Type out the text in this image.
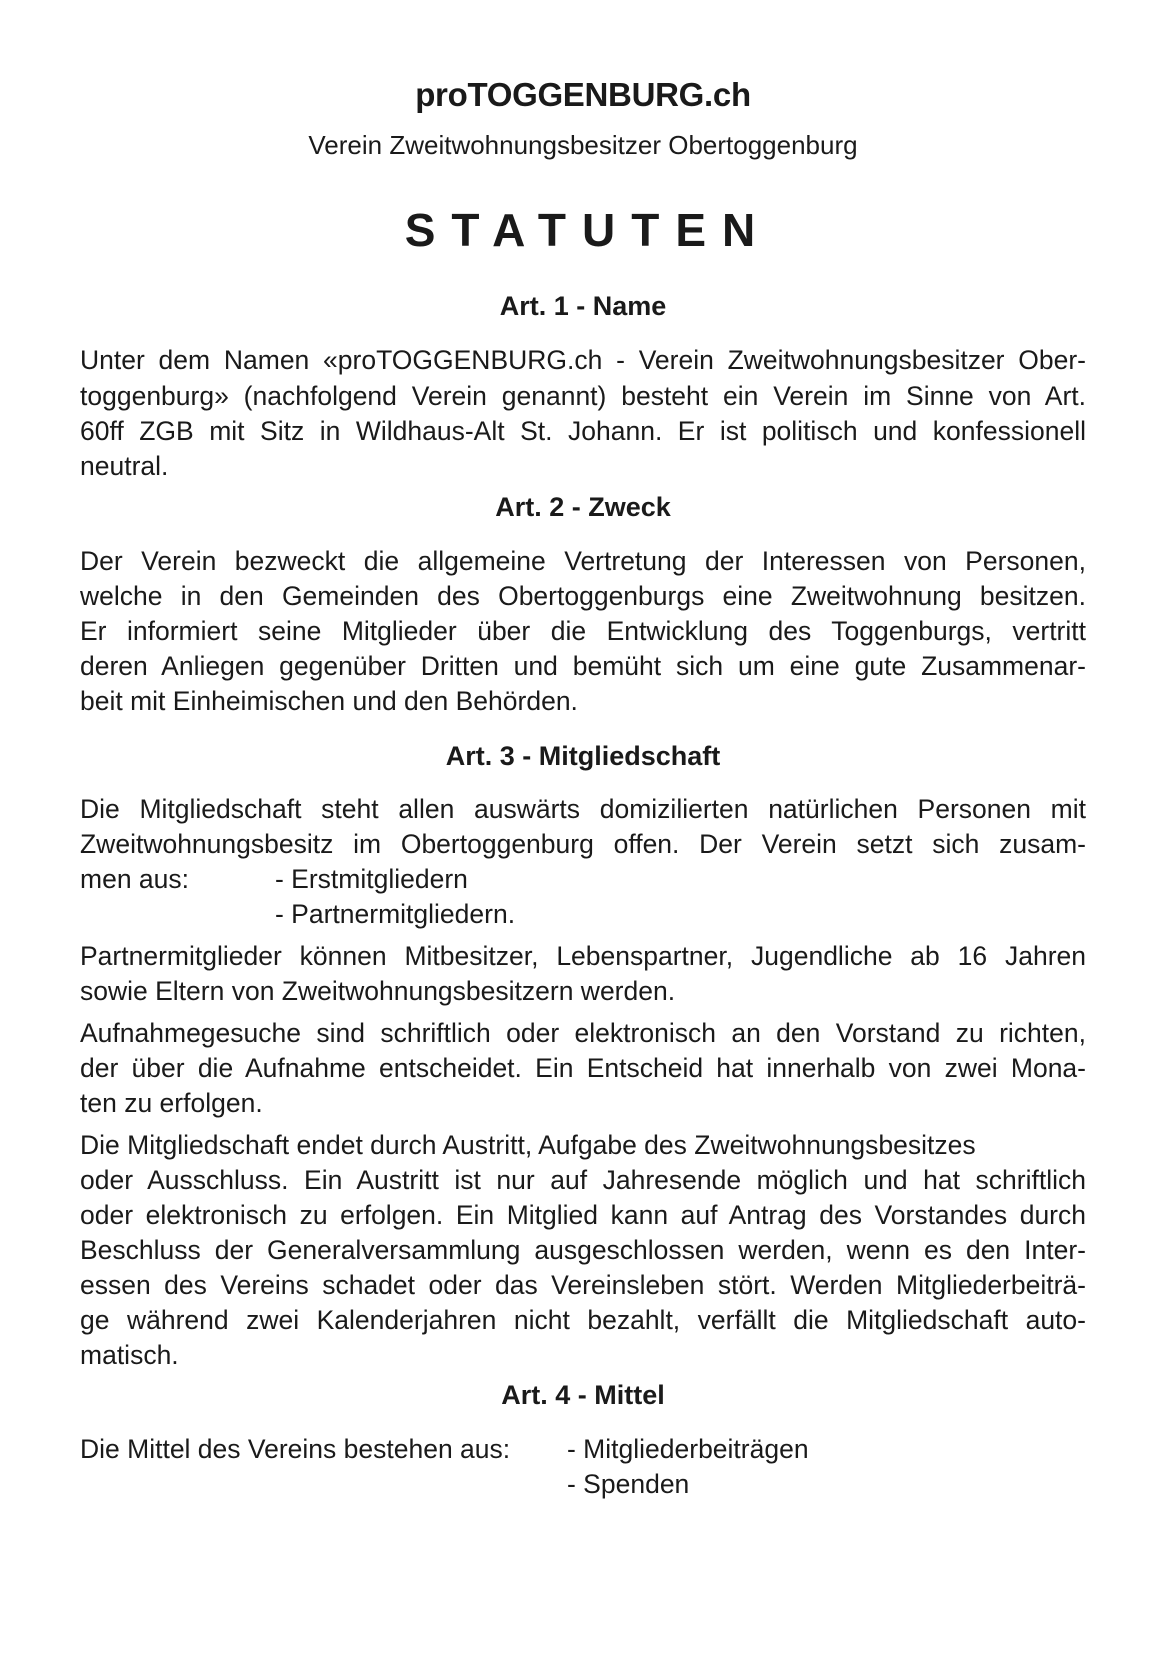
proTOGGENBURG.ch
Verein Zweitwohnungsbesitzer Obertoggenburg
STATUTEN
Art. 1 - Name
Unter dem Namen «proTOGGENBURG.ch - Verein Zweitwohnungsbesitzer Ober-
toggenburg» (nachfolgend Verein genannt) besteht ein Verein im Sinne von Art.
60ff ZGB mit Sitz in Wildhaus-Alt St. Johann. Er ist politisch und konfessionell
neutral.
Art. 2 - Zweck
Der Verein bezweckt die allgemeine Vertretung der Interessen von Personen,
welche in den Gemeinden des Obertoggenburgs eine Zweitwohnung besitzen.
Er informiert seine Mitglieder über die Entwicklung des Toggenburgs, vertritt
deren Anliegen gegenüber Dritten und bemüht sich um eine gute Zusammenar-
beit mit Einheimischen und den Behörden.
Art. 3 - Mitgliedschaft
Die Mitgliedschaft steht allen auswärts domizilierten natürlichen Personen mit
Zweitwohnungsbesitz im Obertoggenburg offen. Der Verein setzt sich zusam-
men aus:	- Erstmitgliedern
- Partnermitgliedern.
Partnermitglieder können Mitbesitzer, Lebenspartner, Jugendliche ab 16 Jahren
sowie Eltern von Zweitwohnungsbesitzern werden.
Aufnahmegesuche sind schriftlich oder elektronisch an den Vorstand zu richten,
der über die Aufnahme entscheidet. Ein Entscheid hat innerhalb von zwei Mona-
ten zu erfolgen.
Die Mitgliedschaft endet durch Austritt, Aufgabe des Zweitwohnungsbesitzes
oder Ausschluss. Ein Austritt ist nur auf Jahresende möglich und hat schriftlich
oder elektronisch zu erfolgen. Ein Mitglied kann auf Antrag des Vorstandes durch
Beschluss der Generalversammlung ausgeschlossen werden, wenn es den Inter-
essen des Vereins schadet oder das Vereinsleben stört. Werden Mitgliederbeiträ-
ge während zwei Kalenderjahren nicht bezahlt, verfällt die Mitgliedschaft auto-
matisch.
Art. 4 - Mittel
Die Mittel des Vereins bestehen aus:	- Mitgliederbeiträgen
- Spenden
